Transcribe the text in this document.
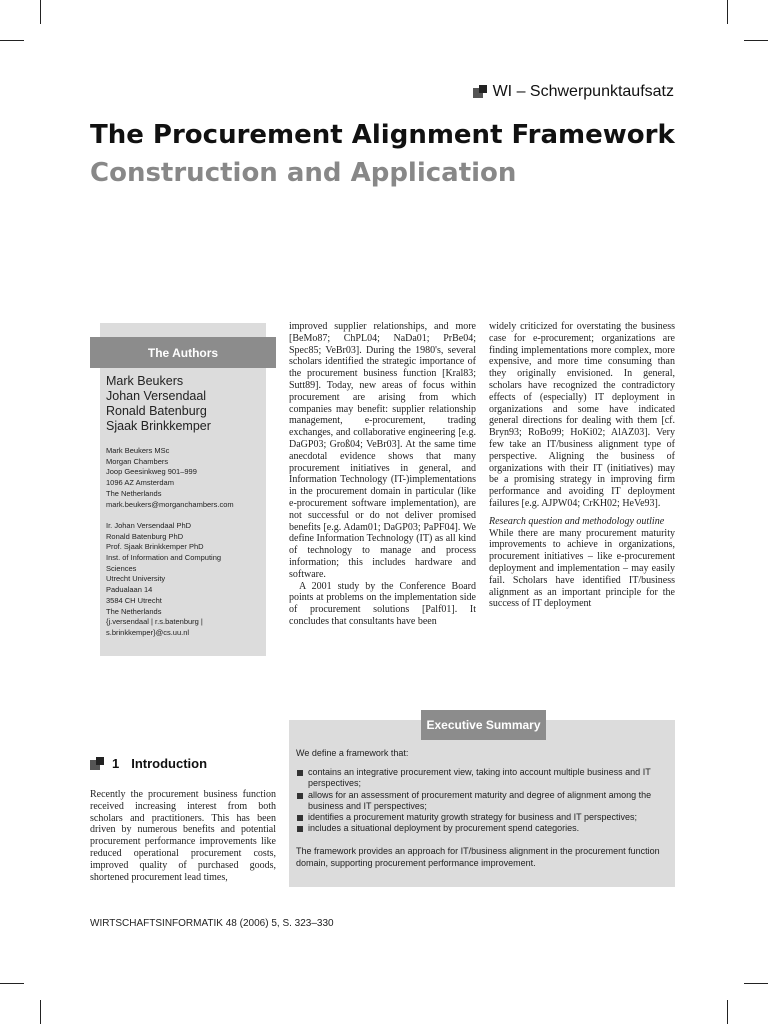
WI – Schwerpunktaufsatz
The Procurement Alignment Framework
Construction and Application
The Authors
Mark Beukers
Johan Versendaal
Ronald Batenburg
Sjaak Brinkkemper
Mark Beukers MSc
Morgan Chambers
Joop Geesinkweg 901–999
1096 AZ Amsterdam
The Netherlands
mark.beukers@morganchambers.com
Ir. Johan Versendaal PhD
Ronald Batenburg PhD
Prof. Sjaak Brinkkemper PhD
Inst. of Information and Computing
Sciences
Utrecht University
Padualaan 14
3584 CH Utrecht
The Netherlands
{j.versendaal | r.s.batenburg |
s.brinkkemper}@cs.uu.nl

improved supplier relationships, and more [BeMo87; ChPL04; NaDa01; PrBe04; Spec85; VeBr03]. During the 1980's, several scholars identified the strategic importance of the procurement business function [Kral83; Sutt89]. Today, new areas of focus within procurement are arising from which companies may benefit: supplier relationship management, e-procurement, trading exchanges, and collaborative engineering [e.g. DaGP03; Groß04; VeBr03]. At the same time anecdotal evidence shows that many procurement initiatives in general, and Information Technology (IT-)implementations in the procurement domain in particular (like e-procurement software implementation), are not successful or do not deliver promised benefits [e.g. Adam01; DaGP03; PaPF04]. We define Information Technology (IT) as all kind of technology to manage and process information; this includes hardware and software.

A 2001 study by the Conference Board points at problems on the implementation side of procurement solutions [Palf01]. It concludes that consultants have been

widely criticized for overstating the business case for e-procurement; organizations are finding implementations more complex, more expensive, and more time consuming than they originally envisioned. In general, scholars have recognized the contradictory effects of (especially) IT deployment in organizations and some have indicated general directions for dealing with them [cf. Bryn93; RoBo99; HoKi02; AlAZ03]. Very few take an IT/business alignment type of perspective. Aligning the business of organizations with their IT (initiatives) may be a promising strategy in improving firm performance and avoiding IT deployment failures [e.g. AJPW04; CrKH02; HeVe93].

Research question and methodology outline

While there are many procurement maturity improvements to achieve in organizations, procurement initiatives – like e-procurement deployment and implementation – may easily fail. Scholars have identified IT/business alignment as an important principle for the success of IT deployment

Executive Summary

We define a framework that:

contains an integrative procurement view, taking into account multiple business and IT perspectives;
allows for an assessment of procurement maturity and degree of alignment among the business and IT perspectives;
identifies a procurement maturity growth strategy for business and IT perspectives;
includes a situational deployment by procurement spend categories.

The framework provides an approach for IT/business alignment in the procurement function domain, supporting procurement performance improvement.

1 Introduction

Recently the procurement business function received increasing interest from both scholars and practitioners. This has been driven by numerous benefits and potential procurement performance improvements like reduced operational procurement costs, improved quality of purchased goods, shortened procurement lead times,

WIRTSCHAFTSINFORMATIK 48 (2006) 5, S. 323–330
